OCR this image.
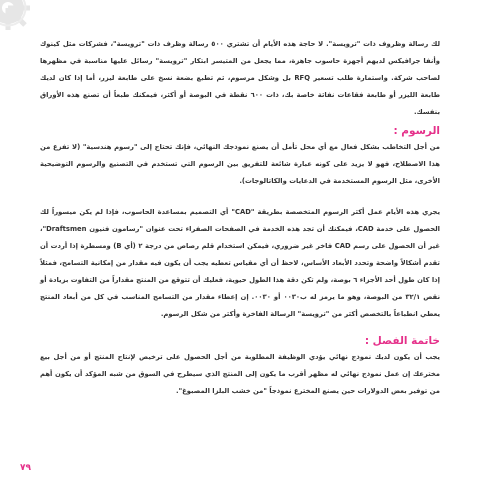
لك رسالة وظروف ذات "ترويسة". لا حاجة هذه الأيام أن تشتري ٥٠٠ رسالة وظرف ذات "ترويسة"، فشركات مثل كينوك وأنفا جرافيكس لديهم أجهزة حاسوب جاهزة، مما يجعل من المتيسر ابتكار "ترويسة" رسائل عليها مناسبة في مظهرها لصاحب شركة. واستمارة طلب تسعير RFQ بل وشكل مرسوم، ثم تطبع بضعة نسخ على طابعة ليزر، أما إذا كان لديك طابعة الليزر أو طابعة فقاعات نفاثة خاصة بك، ذات ٦٠٠ نقطة في البوصة أو أكثر، فيمكنك طبعاً أن تصنع هذه الأوراق بنفسك.

الرسوم :

من أجل التخاطب بشكل فعال مع أي محل تأمل أن يصنع نموذجك النهائي، فإنك تحتاج إلى "رسوم هندسية" (لا تفزع من هذا الاصطلاح، فهو لا يزيد على كونه عبارة شائعة للتفريق بين الرسوم التي تستخدم في التصنيع والرسوم التوضيحية الأخرى، مثل الرسوم المستخدمة في الدعايات والكاتالوجات).

يجري هذه الأيام عمل أكثر الرسوم المتخصصة بطريقة "CAD" أي التصميم بمساعدة الحاسوب، فإذا لم يكن ميسوراً لك الحصول على خدمة CAD، فيمكنك أن تجد هذه الخدمة في الصفحات الصفراء تحت عنوان "رسامون فنيون Draftsmen"، غير أن الحصول على رسم CAD فاخر غير ضروري، فيمكن استخدام قلم رصاص من درجة ٢ (أي B) ومسطرة إذا أردت أن تقدم أشكالاً واضحة وتحدد الأبعاد الأساس، لاحظ أن أي مقياس تعطيه يجب أن يكون فيه مقدار من إمكانية التسامح، فمثلاً إذا كان طول أحد الأجزاء ٦ بوصة، ولم تكن دقة هذا الطول حيوية، فعليك أن تتوقع من المنتج مقداراً من التفاوت بزيادة أو نقص ٣٢/١ من البوصة، وهو ما يرمز له ب٠٠٣٠ أو ٠٠٣٠. إن إعطاء مقدار من التسامح المناسب في كل من أبعاد المنتج يعطي انطباعاً بالتخصص أكثر من "ترويسة" الرسالة الفاخرة وأكثر من شكل الرسوم.

خاتمة الفصل :

يجب أن يكون لديك نموذج نهائي يؤدي الوظيفة المطلوبة من أجل الحصول على ترخيص لإنتاج المنتج أو من أجل بيع مخترعك إن عمل نموذج نهائي له مظهر أقرب ما يكون إلى المنتج الذي سيطرح في السوق من شبه المؤكد أن يكون أهم من توفير بعض الدولارات حين يصنع المخترع نموذجاً "من خشب البلزا المصبوغ".

٧٩
